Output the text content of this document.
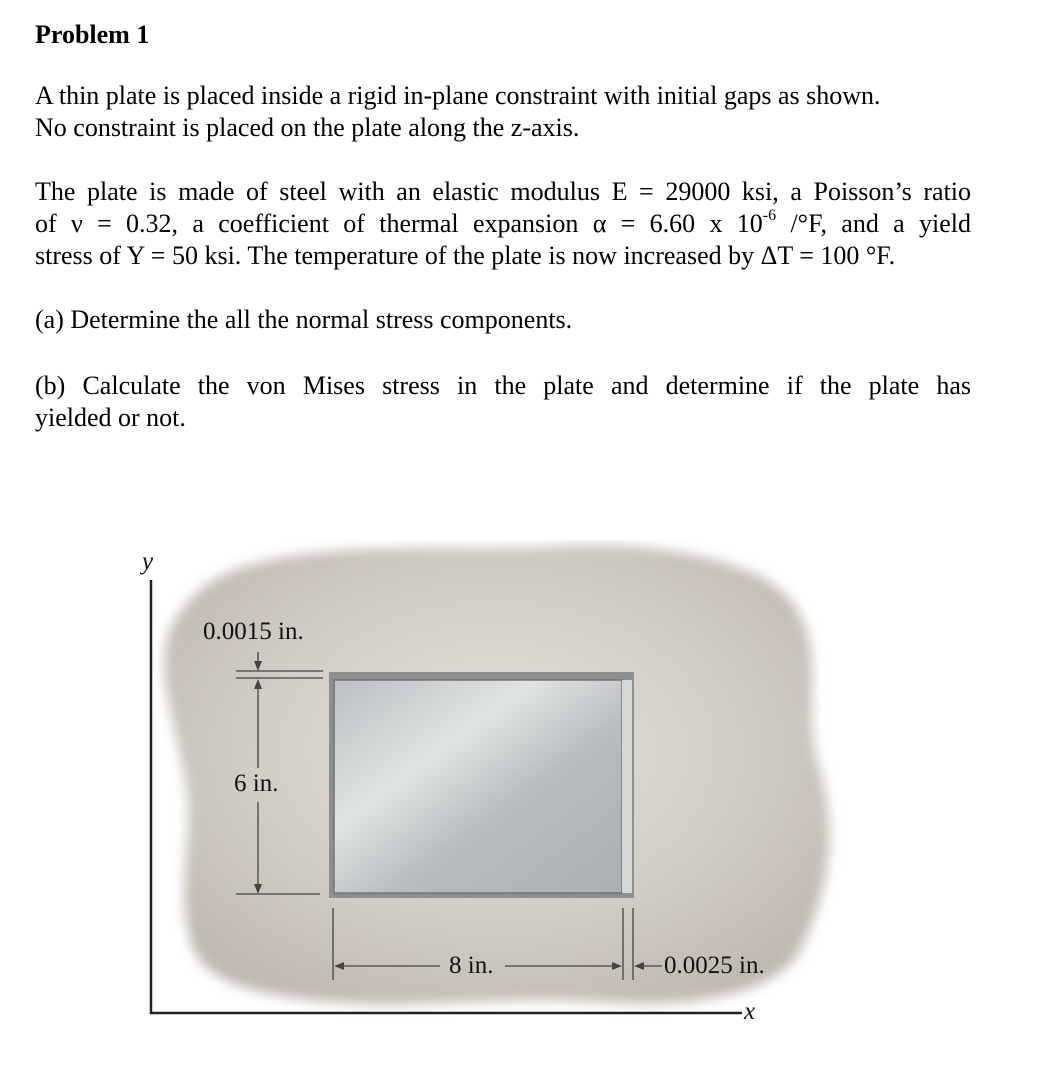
Problem 1
A thin plate is placed inside a rigid in-plane constraint with initial gaps as shown.
No constraint is placed on the plate along the z-axis.
The plate is made of steel with an elastic modulus E = 29000 ksi, a Poisson’s ratio
of ν = 0.32, a coefficient of thermal expansion α = 6.60 x $10^{-6}$ /°F, and a yield
stress of Y = 50 ksi. The temperature of the plate is now increased by ΔT = 100 °F.
(a) Determine the all the normal stress components.
(b) Calculate the von Mises stress in the plate and determine if the plate has
yielded or not.
y
x
0.0015 in.
6 in.
8 in.	0.0025 in.
